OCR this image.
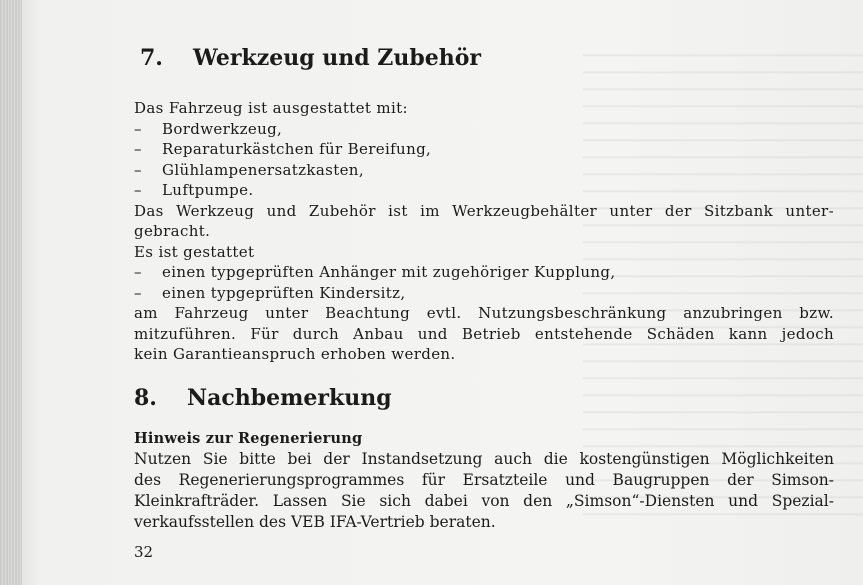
7. Werkzeug und Zubehör
Das Fahrzeug ist ausgestattet mit:
– Bordwerkzeug,
– Reparaturkästchen für Bereifung,
– Glühlampenersatzkasten,
– Luftpumpe.
Das Werkzeug und Zubehör ist im Werkzeugbehälter unter der Sitzbank unter-
gebracht.
Es ist gestattet
– einen typgeprüften Anhänger mit zugehöriger Kupplung,
– einen typgeprüften Kindersitz,
am Fahrzeug unter Beachtung evtl. Nutzungsbeschränkung anzubringen bzw.
mitzuführen. Für durch Anbau und Betrieb entstehende Schäden kann jedoch
kein Garantieanspruch erhoben werden.
8. Nachbemerkung
Hinweis zur Regenerierung
Nutzen Sie bitte bei der Instandsetzung auch die kostengünstigen Möglichkeiten
des Regenerierungsprogrammes für Ersatzteile und Baugruppen der Simson-
Kleinkrafträder. Lassen Sie sich dabei von den „Simson“-Diensten und Spezial-
verkaufsstellen des VEB IFA-Vertrieb beraten.
32
